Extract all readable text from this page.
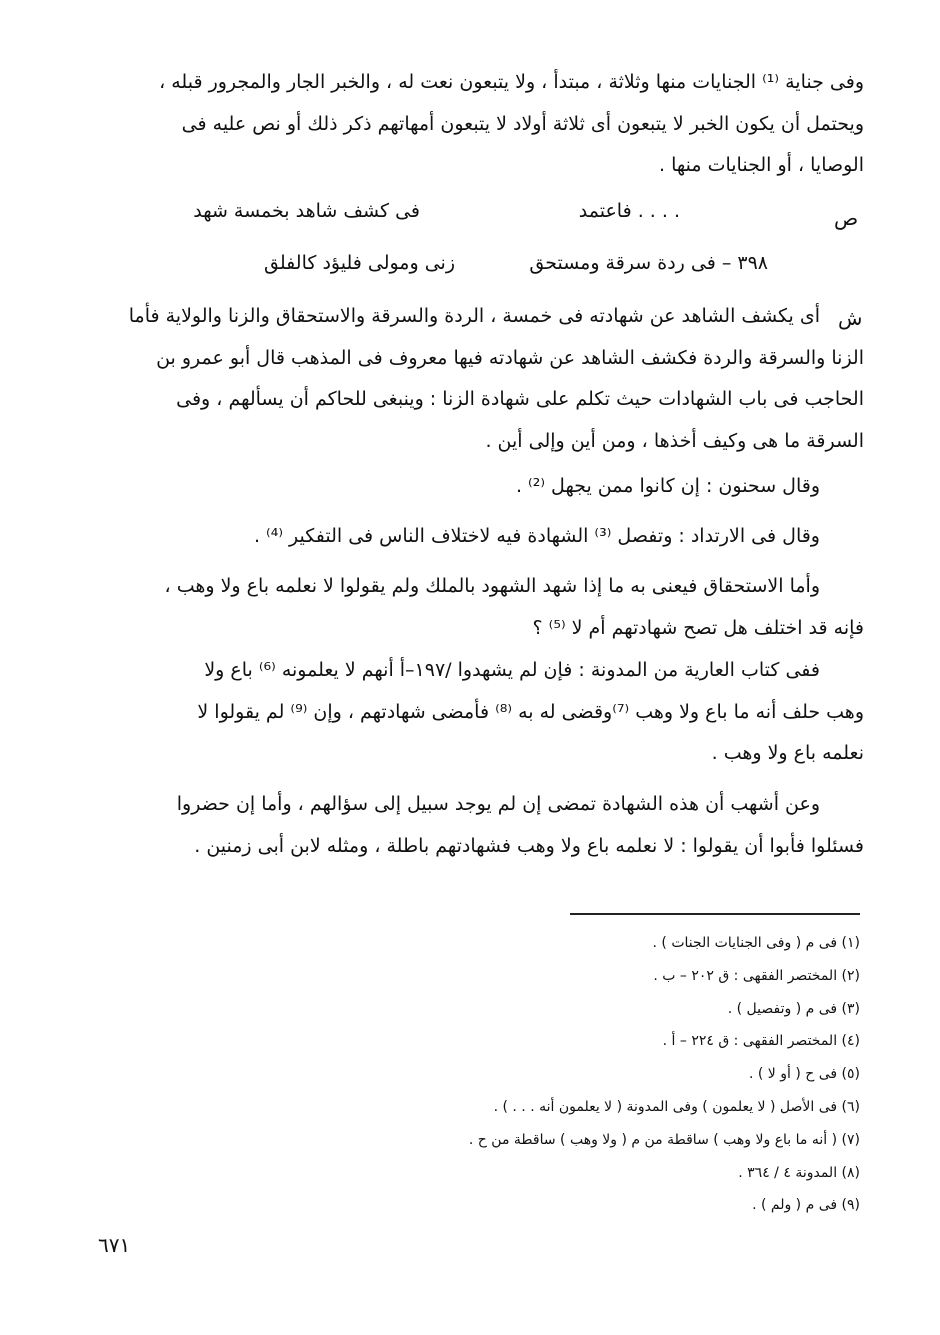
وفى جناية ⁽¹⁾ الجنايات منها وثلاثة ، مبتدأ ، ولا يتبعون نعت له ، والخبر الجار والمجرور قبله ،
ويحتمل أن يكون الخبر لا يتبعون أى ثلاثة أولاد لا يتبعون أمهاتهم ذكر ذلك أو نص عليه فى
الوصايا ، أو الجنايات منها .
ص
فى كشف شاهد بخمسة شهد	. . . . فاعتمد
٣٩٨ – فى ردة سرقة ومستحق
زنى ومولى فليؤد كالفلق
ش
أى يكشف الشاهد عن شهادته فى خمسة ، الردة والسرقة والاستحقاق والزنا والولاية فأما
الزنا والسرقة والردة فكشف الشاهد عن شهادته فيها معروف فى المذهب قال أبو عمرو بن
الحاجب فى باب الشهادات حيث تكلم على شهادة الزنا : وينبغى للحاكم أن يسألهم ، وفى
السرقة ما هى وكيف أخذها ، ومن أين وإلى أين .
وقال سحنون : إن كانوا ممن يجهل ⁽²⁾ .
وقال فى الارتداد : وتفصل ⁽³⁾ الشهادة فيه لاختلاف الناس فى التفكير ⁽⁴⁾ .
وأما الاستحقاق فيعنى به ما إذا شهد الشهود بالملك ولم يقولوا لا نعلمه باع ولا وهب ،
فإنه قد اختلف هل تصح شهادتهم أم لا ⁽⁵⁾ ؟
ففى كتاب العارية من المدونة : فإن لم يشهدوا /١٩٧–أ أنهم لا يعلمونه ⁽⁶⁾ باع ولا
وهب حلف أنه ما باع ولا وهب ⁽⁷⁾وقضى له به ⁽⁸⁾ فأمضى شهادتهم ، وإن ⁽⁹⁾ لم يقولوا لا
نعلمه باع ولا وهب .
وعن أشهب أن هذه الشهادة تمضى إن لم يوجد سبيل إلى سؤالهم ، وأما إن حضروا
فسئلوا فأبوا أن يقولوا : لا نعلمه باع ولا وهب فشهادتهم باطلة ، ومثله لابن أبى زمنين .
(١) فى م ( وفى الجنايات الجنات ) .
(٢) المختصر الفقهى : ق ٢٠٢ – ب .
(٣) فى م ( وتفصيل ) .
(٤) المختصر الفقهى : ق ٢٢٤ – أ .
(٥) فى ح ( أو لا ) .
(٦) فى الأصل ( لا يعلمون ) وفى المدونة ( لا يعلمون أنه . . . ) .
(٧) ( أنه ما باع ولا وهب ) ساقطة من م ( ولا وهب ) ساقطة من ح .
(٨) المدونة ٤ / ٣٦٤ .
(٩) فى م ( ولم ) .
٦٧١
